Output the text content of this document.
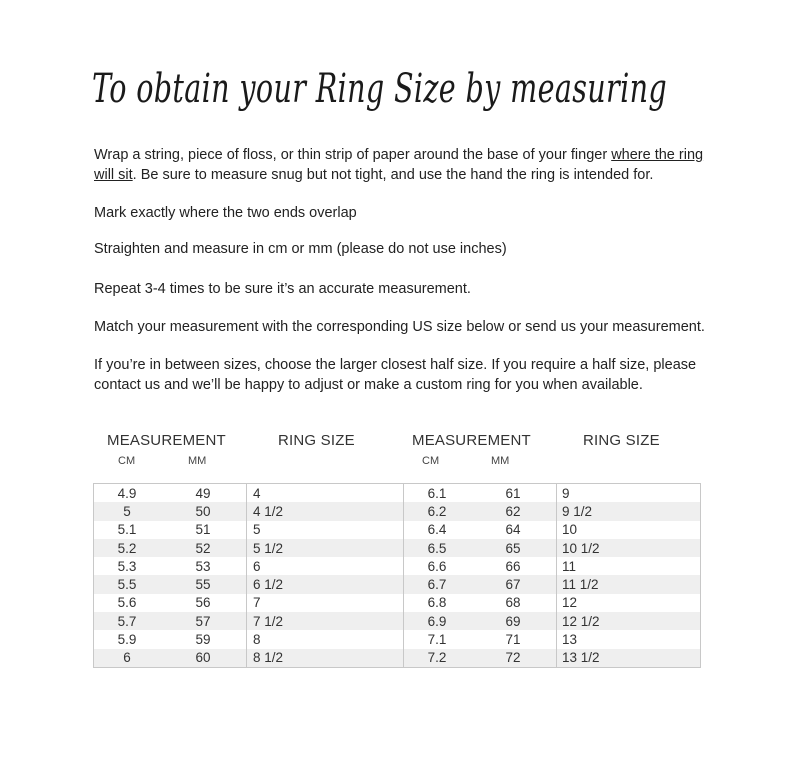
To obtain your Ring Size by measuring
Wrap a string, piece of floss, or thin strip of paper around the base of your finger where the ring will sit. Be sure to measure snug but not tight, and use the hand the ring is intended for.
Mark exactly where the two ends overlap
Straighten and measure in cm or mm (please do not use inches)
Repeat 3-4 times to be sure it’s an accurate measurement.
Match your measurement with the corresponding US size below or send us your measurement.
If you’re in between sizes, choose the larger closest half size. If you require a half size, please contact us and we’ll be happy to adjust or make a custom ring for you when available.
MEASUREMENT	RING SIZE	MEASUREMENT	RING SIZE
CM	MM	CM	MM
4.9	49	4	6.1	61	9
5	50	4 1/2	6.2	62	9 1/2
5.1	51	5	6.4	64	10
5.2	52	5 1/2	6.5	65	10 1/2
5.3	53	6	6.6	66	11
5.5	55	6 1/2	6.7	67	11 1/2
5.6	56	7	6.8	68	12
5.7	57	7 1/2	6.9	69	12 1/2
5.9	59	8	7.1	71	13
6	60	8 1/2	7.2	72	13 1/2
